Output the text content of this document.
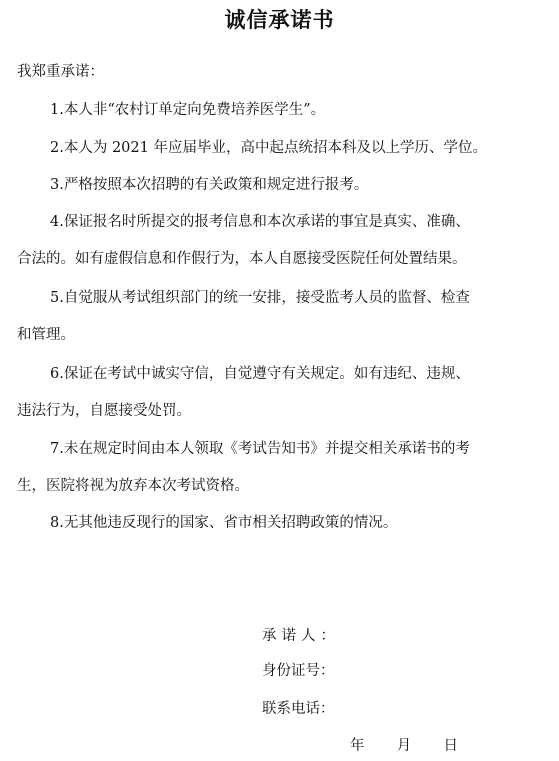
诚信承诺书
我郑重承诺：
1.本人非“农村订单定向免费培养医学生”。
2.本人为 2021 年应届毕业，高中起点统招本科及以上学历、学位。
3.严格按照本次招聘的有关政策和规定进行报考。
4.保证报名时所提交的报考信息和本次承诺的事宜是真实、准确、
合法的。如有虚假信息和作假行为，本人自愿接受医院任何处置结果。
5.自觉服从考试组织部门的统一安排，接受监考人员的监督、检查
和管理。
6.保证在考试中诚实守信，自觉遵守有关规定。如有违纪、违规、
违法行为，自愿接受处罚。
7.未在规定时间由本人领取《考试告知书》并提交相关承诺书的考
生，医院将视为放弃本次考试资格。
8.无其他违反现行的国家、省市相关招聘政策的情况。
承诺人：
身份证号：
联系电话：
年 月 日
